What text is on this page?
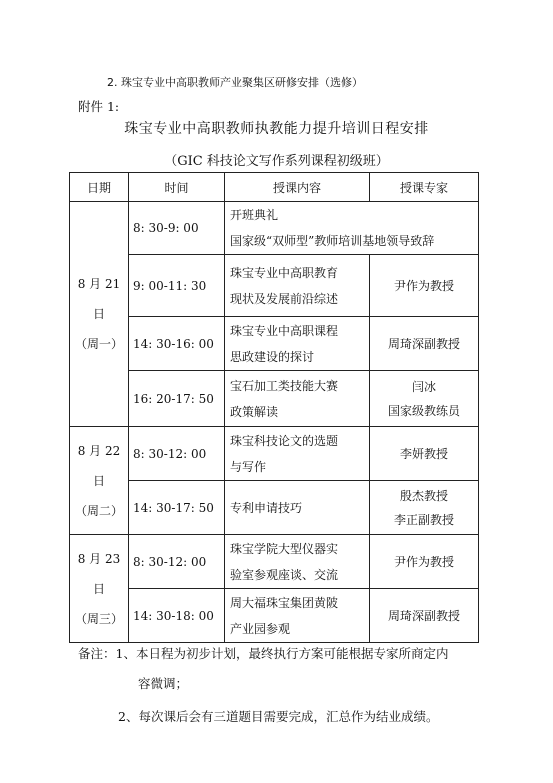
2. 珠宝专业中高职教师产业聚集区研修安排（选修）
附件 1:
珠宝专业中高职教师执教能力提升培训日程安排
（GIC 科技论文写作系列课程初级班）
日期	时间	授课内容	授课专家

8 月 21 日
（周一）	8: 30-9: 00	开班典礼
国家级“双师型”教师培训基地领导致辞	

	9: 00-11: 30	珠宝专业中高职教育
现状及发展前沿综述	尹作为教授

	14: 30-16: 00	珠宝专业中高职课程
思政建设的探讨	周琦深副教授

	16: 20-17: 50	宝石加工类技能大赛
政策解读	闫冰
国家级教练员

8 月 22 日
（周二）	8: 30-12: 00	珠宝科技论文的选题
与写作	李妍教授

	14: 30-17: 50	专利申请技巧	殷杰教授
李正副教授

8 月 23 日
（周三）	8: 30-12: 00	珠宝学院大型仪器实
验室参观座谈、交流	尹作为教授

	14: 30-18: 00	周大福珠宝集团黄陂
产业园参观	周琦深副教授
备注：1、本日程为初步计划，最终执行方案可能根据专家所商定内
容微调；
2、每次课后会有三道题目需要完成，汇总作为结业成绩。
